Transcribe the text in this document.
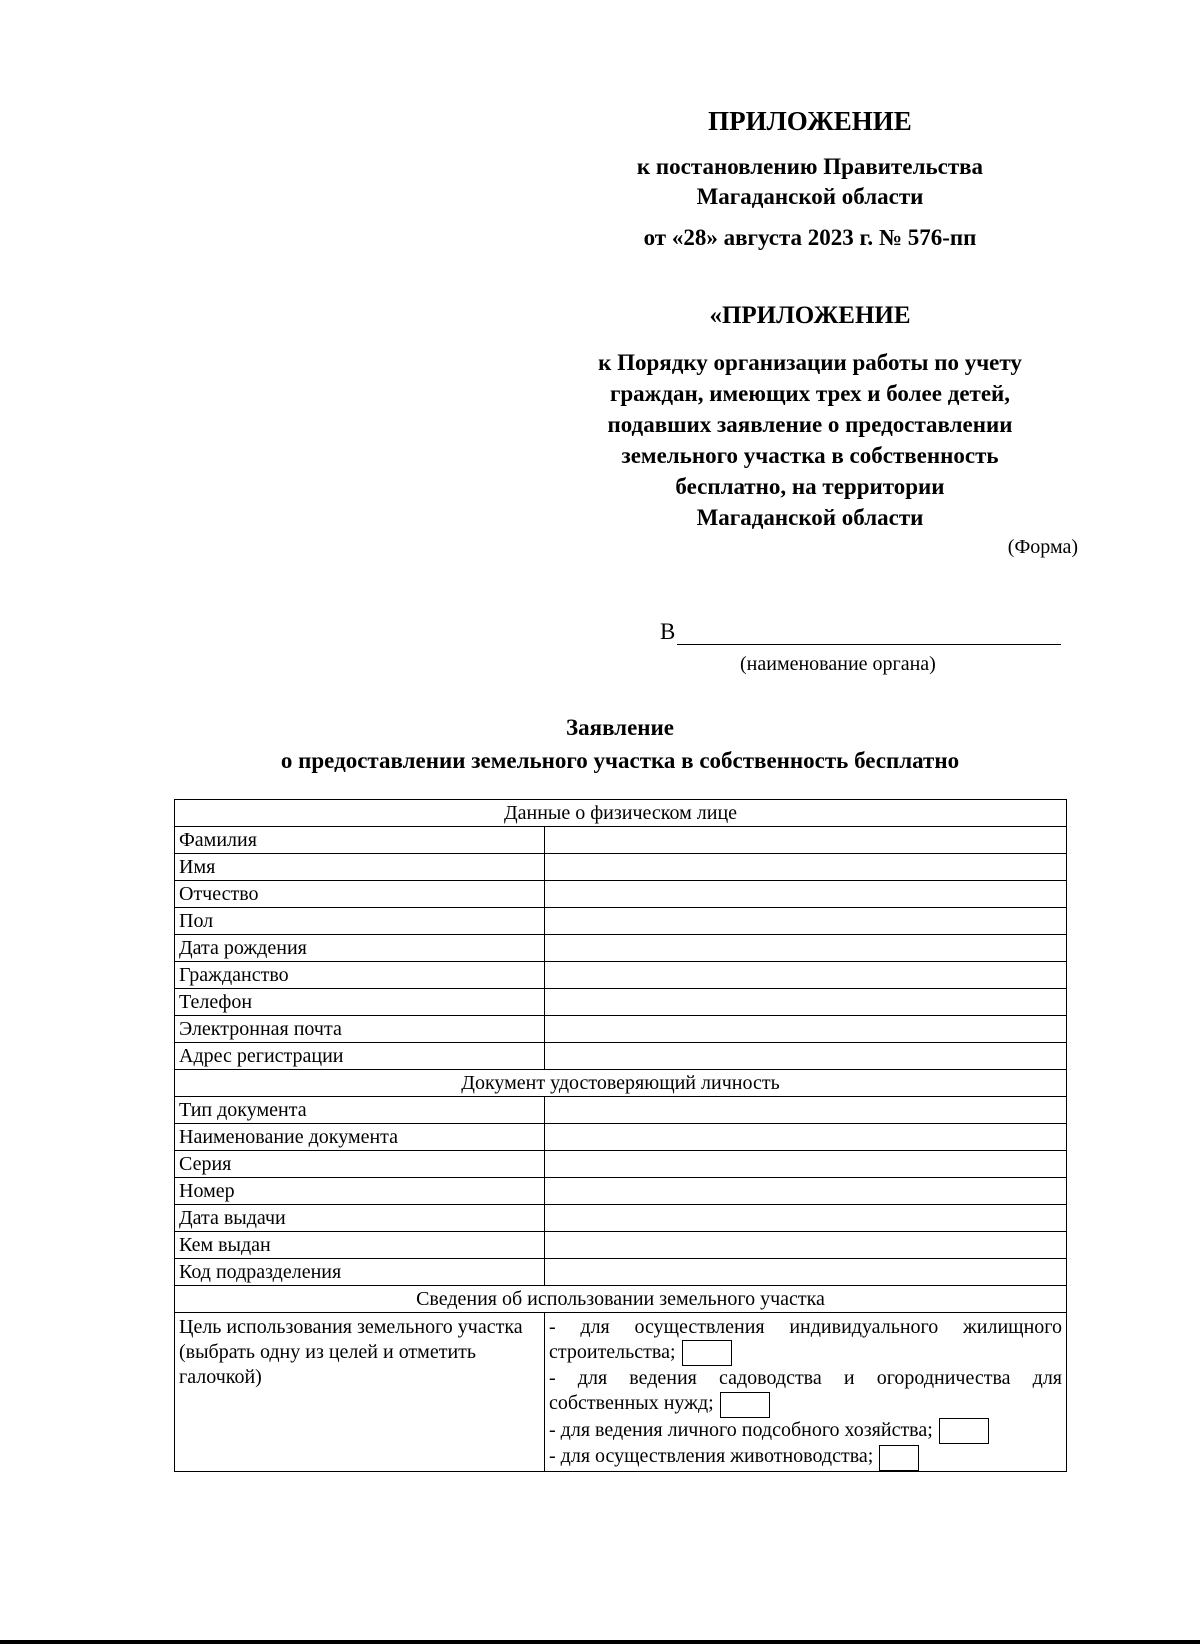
ПРИЛОЖЕНИЕ
к постановлению Правительства
Магаданской области
от «28» августа 2023 г. № 576-пп
«ПРИЛОЖЕНИЕ
к Порядку организации работы по учету
граждан, имеющих трех и более детей,
подавших заявление о предоставлении
земельного участка в собственность
бесплатно, на территории
Магаданской области
(Форма)
В
(наименование органа)
Заявление
о предоставлении земельного участка в собственность бесплатно
Данные о физическом лице	
Фамилия	
Имя	
Отчество	
Пол	
Дата рождения	
Гражданство	
Телефон	
Электронная почта	
Адрес регистрации	
Документ удостоверяющий личность	
Тип документа	
Наименование документа	
Серия	
Номер	
Дата выдачи	
Кем выдан	
Код подразделения	
Сведения об использовании земельного участка	
Цель использования земельного участка (выбрать одну из целей и отметить галочкой)	- для осуществления индивидуального жилищного строительства;
- для ведения садоводства и огородничества для собственных нужд;
- для ведения личного подсобного хозяйства;
- для осуществления животноводства;
